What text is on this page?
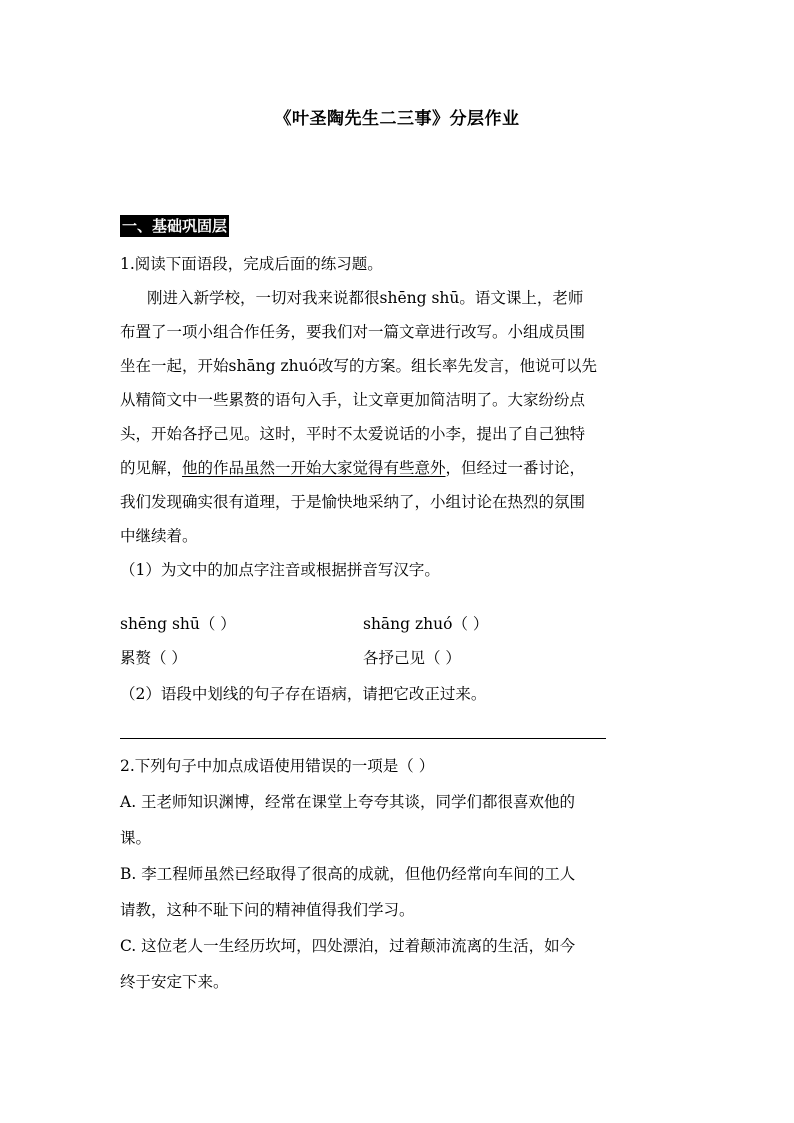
《叶圣陶先生二三事》分层作业
一、基础巩固层
1.阅读下面语段，完成后面的练习题。
刚进入新学校，一切对我来说都很shēng shū。语文课上，老师
布置了一项小组合作任务，要我们对一篇文章进行改写。小组成员围
坐在一起，开始shāng zhuó改写的方案。组长率先发言，他说可以先
从精简文中一些累赘的语句入手，让文章更加简洁明了。大家纷纷点
头，开始各抒己见。这时，平时不太爱说话的小李，提出了自己独特
的见解，他的作品虽然一开始大家觉得有些意外，但经过一番讨论，
我们发现确实很有道理，于是愉快地采纳了，小组讨论在热烈的氛围
中继续着。
（1）为文中的加点字注音或根据拼音写汉字。
shēng shū（ ）	shāng zhuó（ ）
累赘（ ）	各抒己见（ ）
（2）语段中划线的句子存在语病，请把它改正过来。
2.下列句子中加点成语使用错误的一项是（ ）
A. 王老师知识渊博，经常在课堂上夸夸其谈，同学们都很喜欢他的
课。
B. 李工程师虽然已经取得了很高的成就，但他仍经常向车间的工人
请教，这种不耻下问的精神值得我们学习。
C. 这位老人一生经历坎坷，四处漂泊，过着颠沛流离的生活，如今
终于安定下来。
